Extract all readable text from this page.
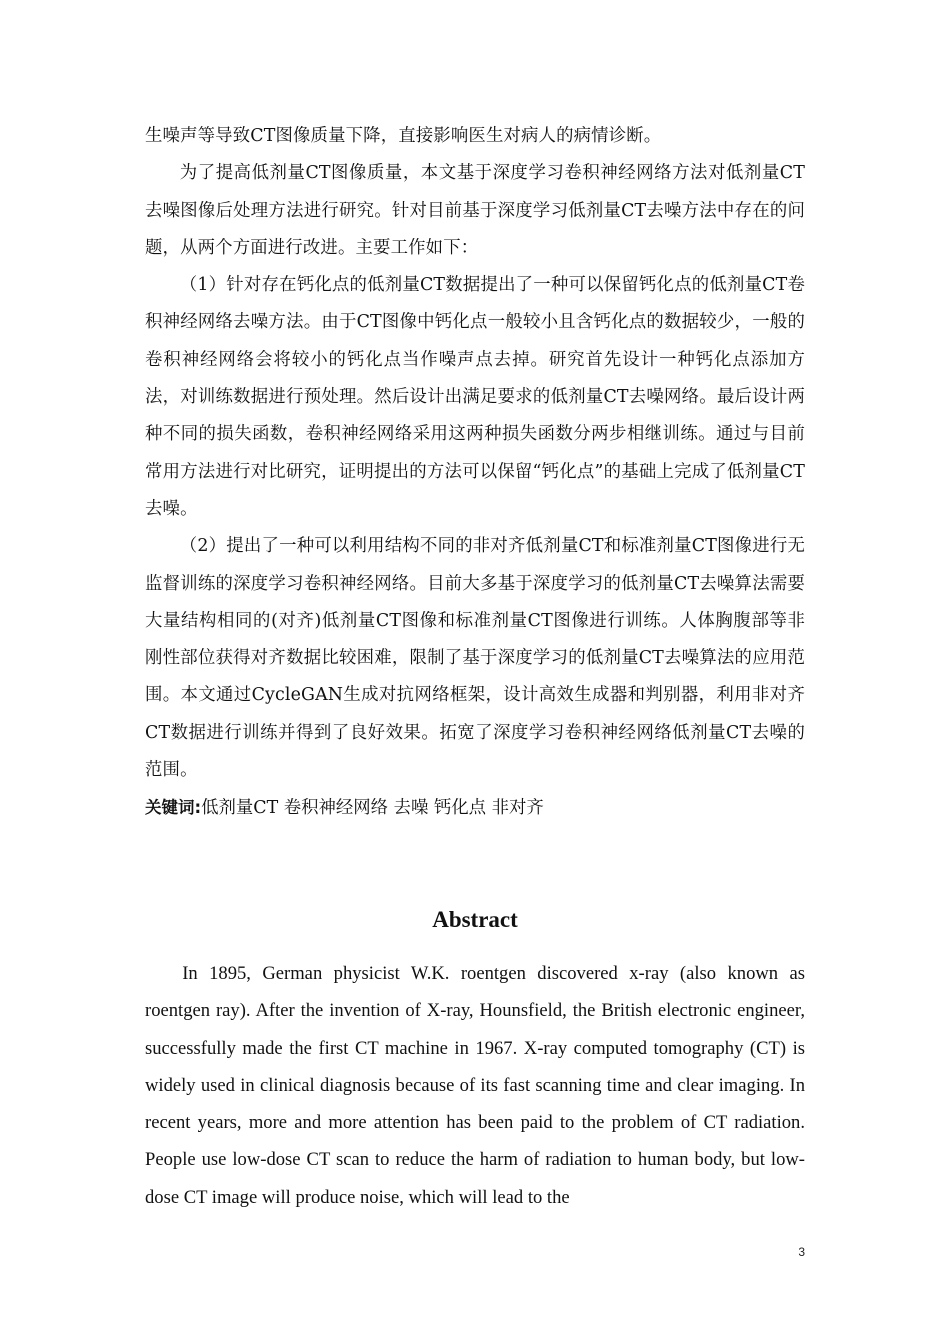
生噪声等导致CT图像质量下降，直接影响医生对病人的病情诊断。

为了提高低剂量CT图像质量，本文基于深度学习卷积神经网络方法对低剂量CT去噪图像后处理方法进行研究。针对目前基于深度学习低剂量CT去噪方法中存在的问题，从两个方面进行改进。主要工作如下：

（1）针对存在钙化点的低剂量CT数据提出了一种可以保留钙化点的低剂量CT卷积神经网络去噪方法。由于CT图像中钙化点一般较小且含钙化点的数据较少，一般的卷积神经网络会将较小的钙化点当作噪声点去掉。研究首先设计一种钙化点添加方法，对训练数据进行预处理。然后设计出满足要求的低剂量CT去噪网络。最后设计两种不同的损失函数，卷积神经网络采用这两种损失函数分两步相继训练。通过与目前常用方法进行对比研究，证明提出的方法可以保留“钙化点”的基础上完成了低剂量CT去噪。

（2）提出了一种可以利用结构不同的非对齐低剂量CT和标准剂量CT图像进行无监督训练的深度学习卷积神经网络。目前大多基于深度学习的低剂量CT去噪算法需要大量结构相同的(对齐)低剂量CT图像和标准剂量CT图像进行训练。人体胸腹部等非刚性部位获得对齐数据比较困难，限制了基于深度学习的低剂量CT去噪算法的应用范围。本文通过CycleGAN生成对抗网络框架，设计高效生成器和判别器，利用非对齐CT数据进行训练并得到了良好效果。拓宽了深度学习卷积神经网络低剂量CT去噪的范围。

关键词:低剂量CT 卷积神经网络 去噪 钙化点 非对齐

Abstract

In 1895, German physicist W.K. roentgen discovered x-ray (also known as roentgen ray). After the invention of X-ray, Hounsfield, the British electronic engineer, successfully made the first CT machine in 1967. X-ray computed tomography (CT) is widely used in clinical diagnosis because of its fast scanning time and clear imaging. In recent years, more and more attention has been paid to the problem of CT radiation. People use low-dose CT scan to reduce the harm of radiation to human body, but low-dose CT image will produce noise, which will lead to the

3
